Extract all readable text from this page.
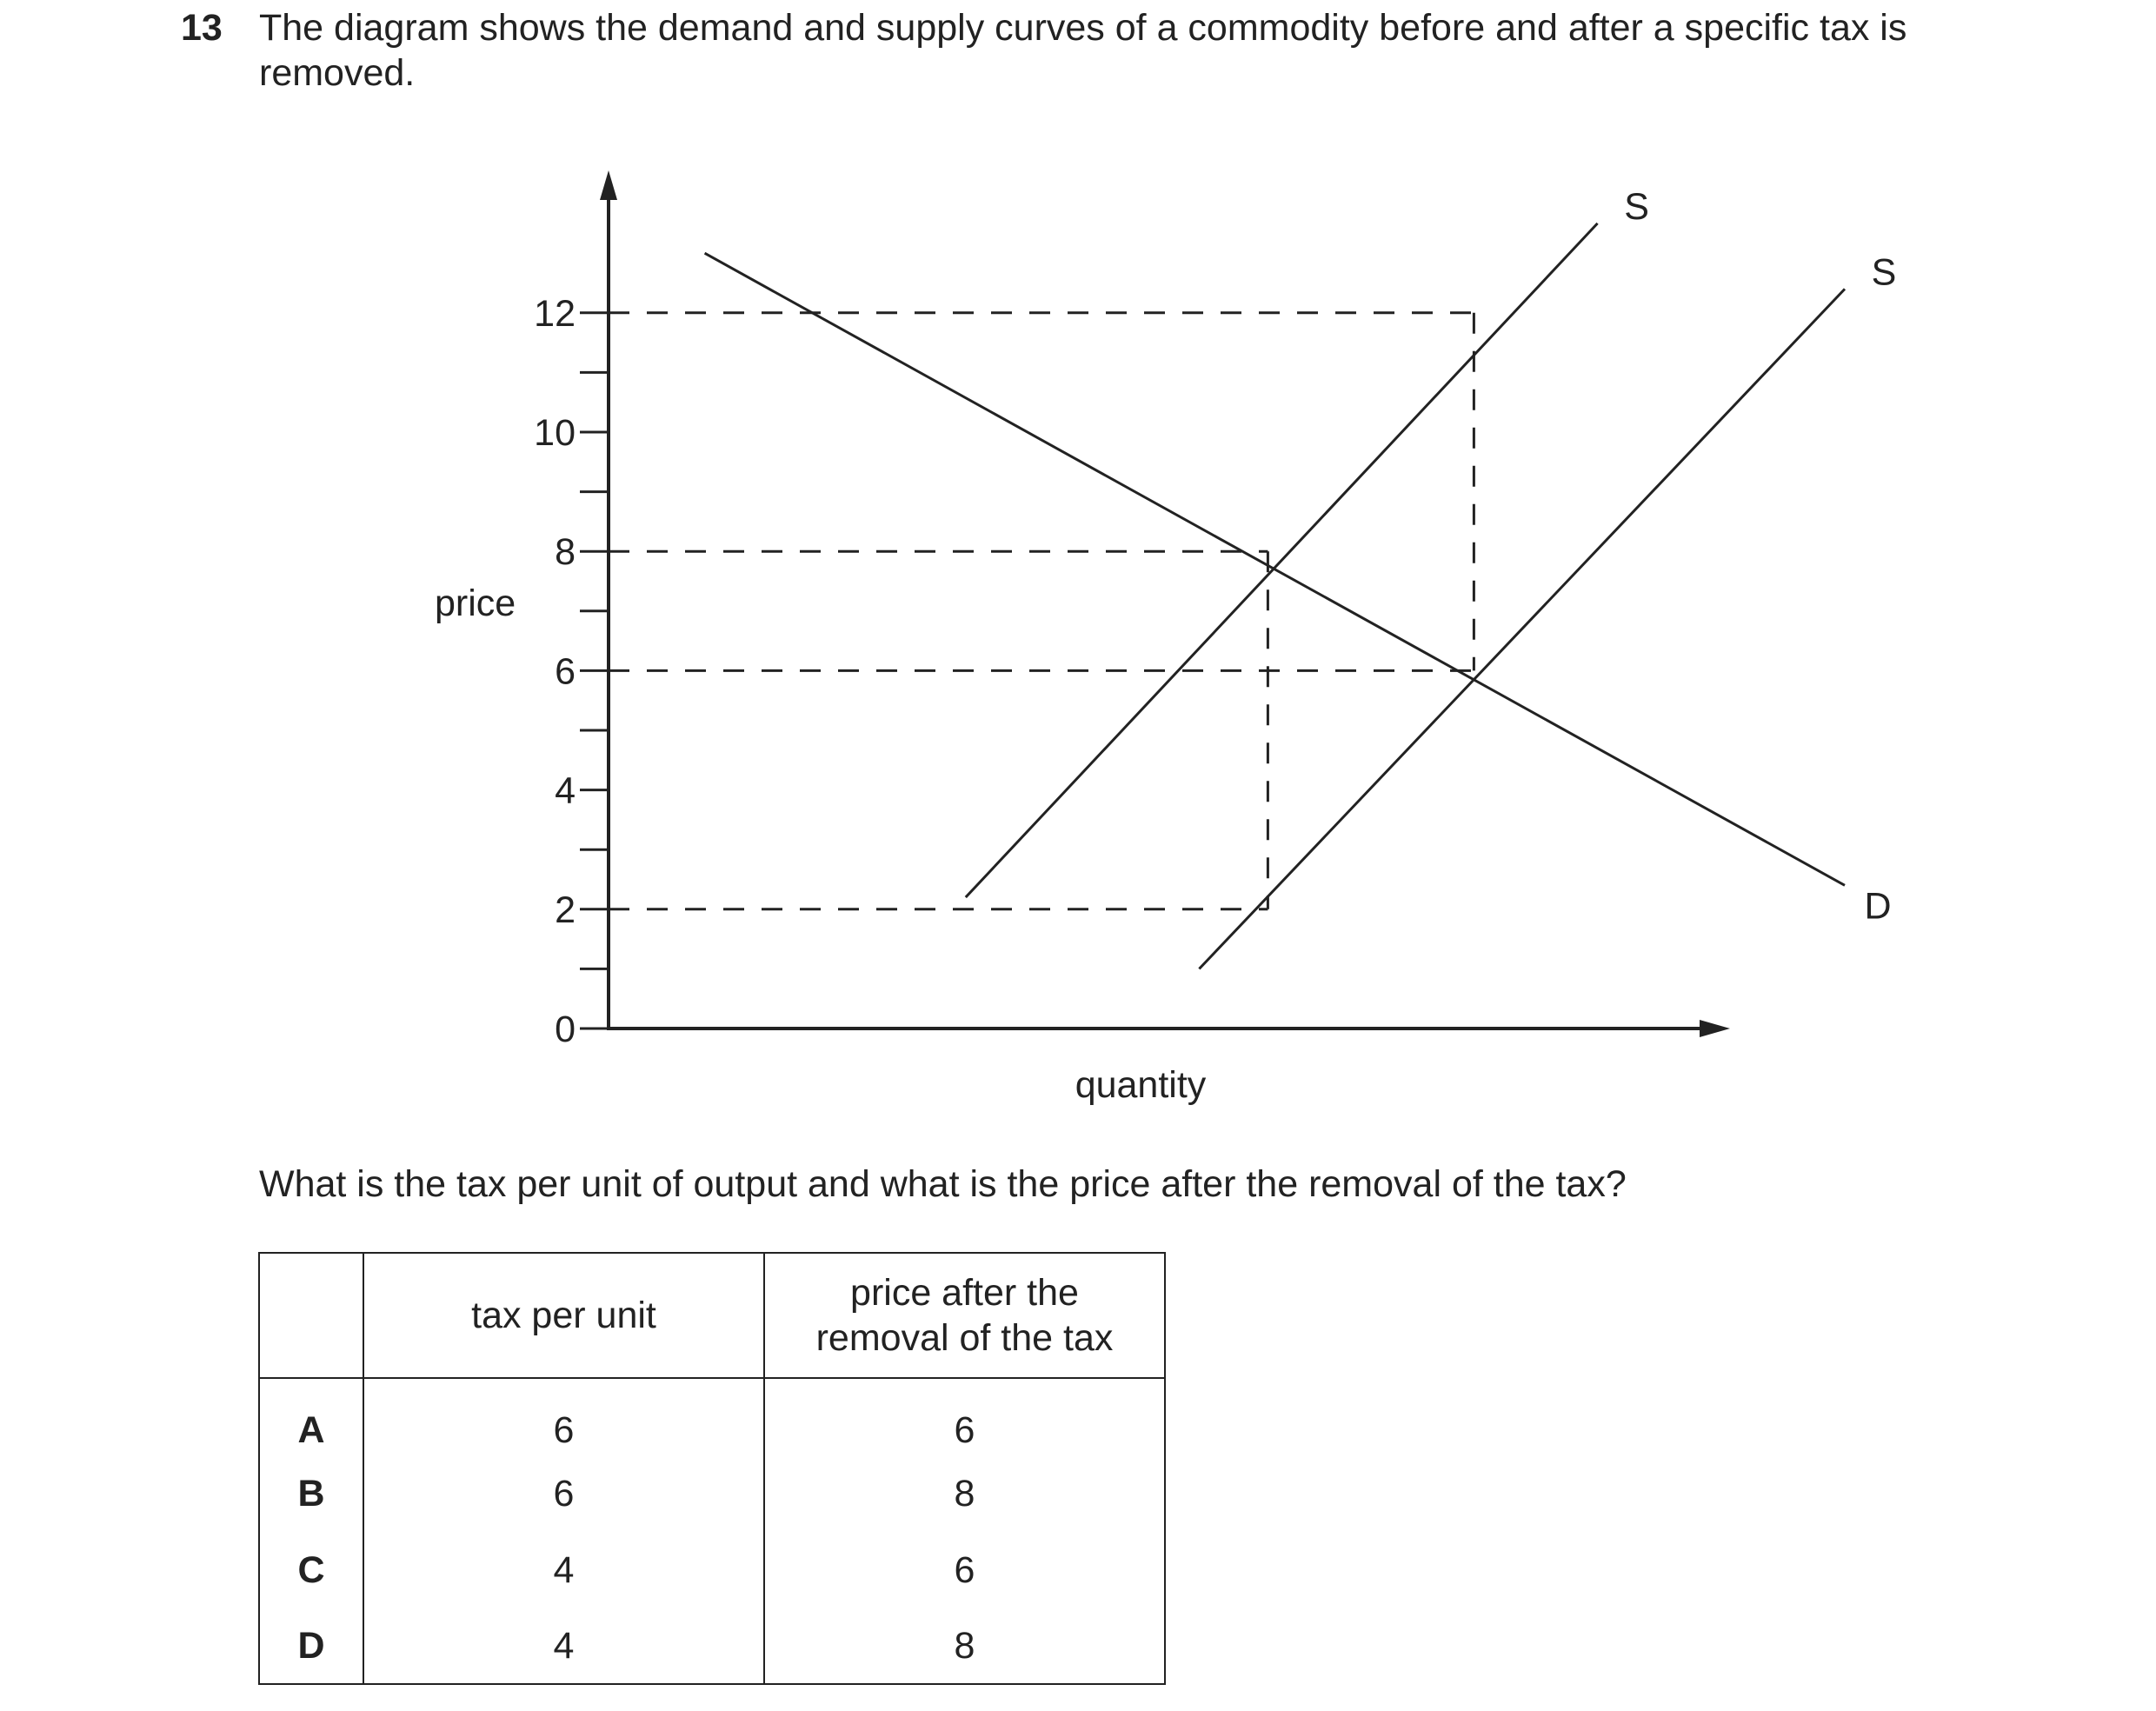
13 The diagram shows the demand and supply curves of a commodity before and after a specific tax is removed.
0
2
4
6
8
10
12
S
S
D
price
quantity
What is the tax per unit of output and what is the price after the removal of the tax?
	tax per unit	price after the removal of the tax
A	6	6
B	6	8
C	4	6
D	4	8
